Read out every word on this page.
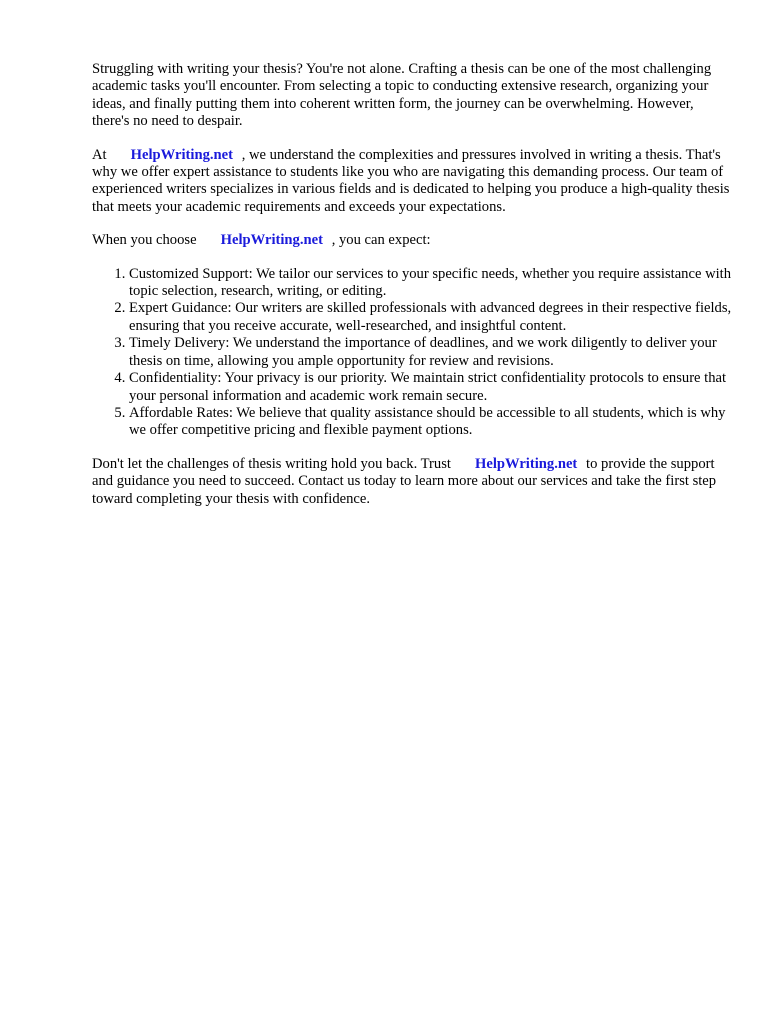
Struggling with writing your thesis? You're not alone. Crafting a thesis can be one of the most challenging academic tasks you'll encounter. From selecting a topic to conducting extensive research, organizing your ideas, and finally putting them into coherent written form, the journey can be overwhelming. However, there's no need to despair.

At HelpWriting.net , we understand the complexities and pressures involved in writing a thesis. That's why we offer expert assistance to students like you who are navigating this demanding process. Our team of experienced writers specializes in various fields and is dedicated to helping you produce a high-quality thesis that meets your academic requirements and exceeds your expectations.

When you choose HelpWriting.net , you can expect:

1. Customized Support: We tailor our services to your specific needs, whether you require assistance with topic selection, research, writing, or editing.
2. Expert Guidance: Our writers are skilled professionals with advanced degrees in their respective fields, ensuring that you receive accurate, well-researched, and insightful content.
3. Timely Delivery: We understand the importance of deadlines, and we work diligently to deliver your thesis on time, allowing you ample opportunity for review and revisions.
4. Confidentiality: Your privacy is our priority. We maintain strict confidentiality protocols to ensure that your personal information and academic work remain secure.
5. Affordable Rates: We believe that quality assistance should be accessible to all students, which is why we offer competitive pricing and flexible payment options.

Don't let the challenges of thesis writing hold you back. Trust HelpWriting.net to provide the support and guidance you need to succeed. Contact us today to learn more about our services and take the first step toward completing your thesis with confidence.
